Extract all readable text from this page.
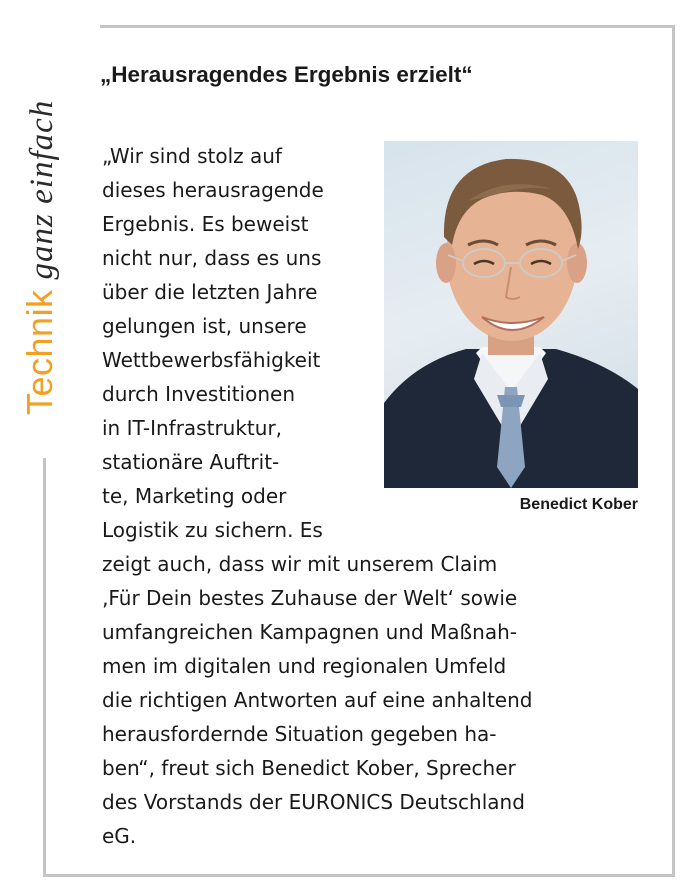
Technikganz einfach
„Herausragendes Ergebnis erzielt“
Benedict Kober
„Wir sind stolz auf
dieses herausragende
Ergebnis. Es beweist
nicht nur, dass es uns
über die letzten Jahre
gelungen ist, unsere
Wettbewerbsfähigkeit
durch Investitionen
in IT-Infrastruktur,
stationäre Auftrit-
te, Marketing oder
Logistik zu sichern. Es
zeigt auch, dass wir mit unserem Claim
‚Für Dein bestes Zuhause der Welt‘ sowie
umfangreichen Kampagnen und Maßnah-
men im digitalen und regionalen Umfeld
die richtigen Antworten auf eine anhaltend
herausfordernde Situation gegeben ha-
ben“, freut sich Benedict Kober, Sprecher
des Vorstands der EURONICS Deutschland
eG.
